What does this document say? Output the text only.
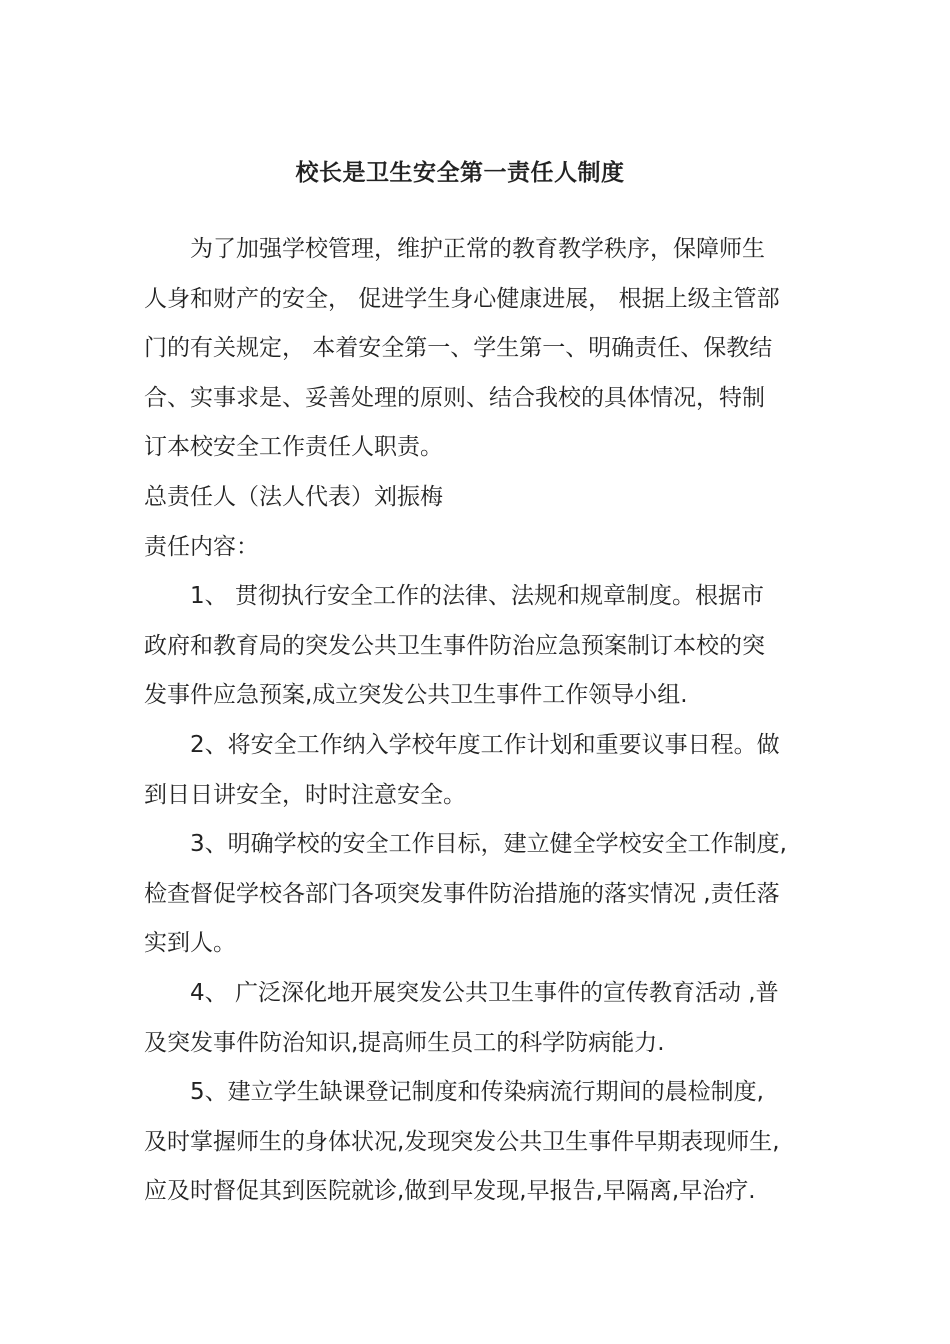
校长是卫生安全第一责任人制度

为了加强学校管理，维护正常的教育教学秩序，保障师生
人身和财产的安全， 促进学生身心健康进展， 根据上级主管部
门的有关规定， 本着安全第一、学生第一、明确责任、保教结
合、实事求是、妥善处理的原则、结合我校的具体情况，特制
订本校安全工作责任人职责。

总责任人（法人代表）刘振梅

责任内容：

1、 贯彻执行安全工作的法律、法规和规章制度。根据市
政府和教育局的突发公共卫生事件防治应急预案制订本校的突
发事件应急预案,成立突发公共卫生事件工作领导小组.

2、将安全工作纳入学校年度工作计划和重要议事日程。做
到日日讲安全，时时注意安全。

3、明确学校的安全工作目标，建立健全学校安全工作制度,
检查督促学校各部门各项突发事件防治措施的落实情况 ,责任落
实到人。

4、 广泛深化地开展突发公共卫生事件的宣传教育活动 ,普
及突发事件防治知识,提高师生员工的科学防病能力.

5、建立学生缺课登记制度和传染病流行期间的晨检制度,
及时掌握师生的身体状况,发现突发公共卫生事件早期表现师生,
应及时督促其到医院就诊,做到早发现,早报告,早隔离,早治疗.
